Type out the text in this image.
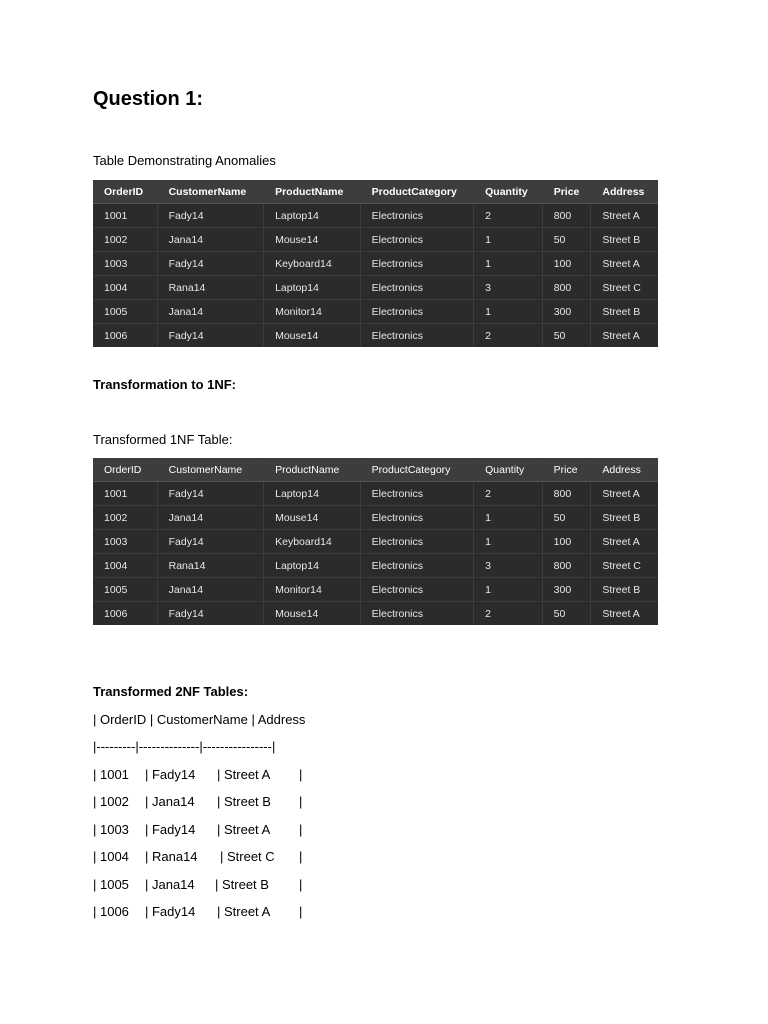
Question 1:
Table Demonstrating Anomalies
OrderID	CustomerName	ProductName	ProductCategory	Quantity	Price	Address
1001	Fady14	Laptop14	Electronics	2	800	Street A
1002	Jana14	Mouse14	Electronics	1	50	Street B
1003	Fady14	Keyboard14	Electronics	1	100	Street A
1004	Rana14	Laptop14	Electronics	3	800	Street C
1005	Jana14	Monitor14	Electronics	1	300	Street B
1006	Fady14	Mouse14	Electronics	2	50	Street A
Transformation to 1NF:
Transformed 1NF Table:
OrderID	CustomerName	ProductName	ProductCategory	Quantity	Price	Address
1001	Fady14	Laptop14	Electronics	2	800	Street A
1002	Jana14	Mouse14	Electronics	1	50	Street B
1003	Fady14	Keyboard14	Electronics	1	100	Street A
1004	Rana14	Laptop14	Electronics	3	800	Street C
1005	Jana14	Monitor14	Electronics	1	300	Street B
1006	Fady14	Mouse14	Electronics	2	50	Street A
Transformed 2NF Tables:
| OrderID | CustomerName | Address
|---------|--------------|----------------|
| 1001 | Fady14 | Street A |
| 1002 | Jana14 | Street B |
| 1003 | Fady14 | Street A |
| 1004 | Rana14 | Street C |
| 1005 | Jana14 | Street B |
| 1006 | Fady14 | Street A |
